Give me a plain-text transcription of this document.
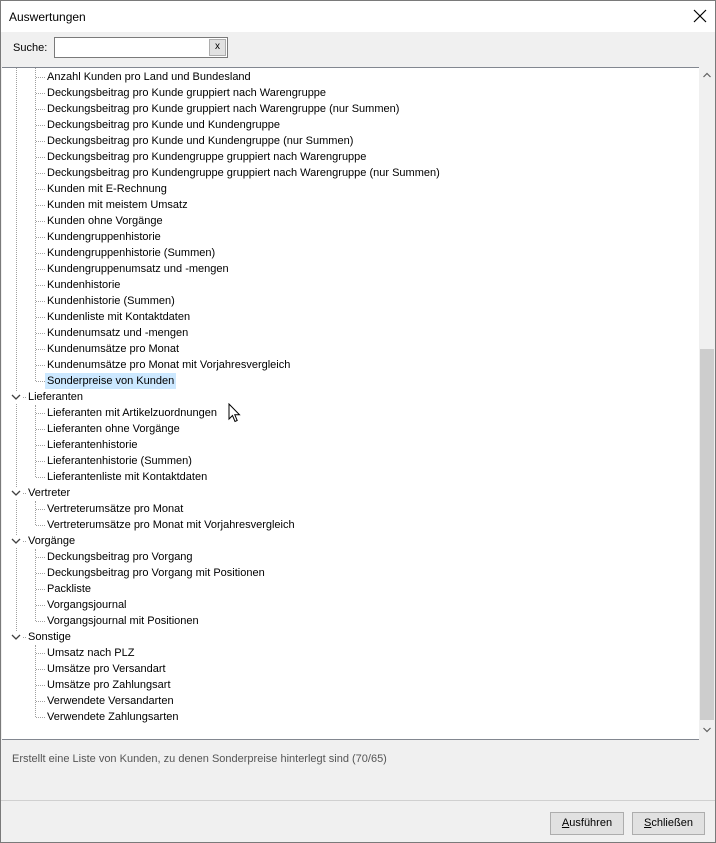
Auswertungen
Suche:	x
Anzahl Kunden pro Land und Bundesland
Deckungsbeitrag pro Kunde gruppiert nach Warengruppe
Deckungsbeitrag pro Kunde gruppiert nach Warengruppe (nur Summen)
Deckungsbeitrag pro Kunde und Kundengruppe
Deckungsbeitrag pro Kunde und Kundengruppe (nur Summen)
Deckungsbeitrag pro Kundengruppe gruppiert nach Warengruppe
Deckungsbeitrag pro Kundengruppe gruppiert nach Warengruppe (nur Summen)
Kunden mit E-Rechnung
Kunden mit meistem Umsatz
Kunden ohne Vorgänge
Kundengruppenhistorie
Kundengruppenhistorie (Summen)
Kundengruppenumsatz und -mengen
Kundenhistorie
Kundenhistorie (Summen)
Kundenliste mit Kontaktdaten
Kundenumsatz und -mengen
Kundenumsätze pro Monat
Kundenumsätze pro Monat mit Vorjahresvergleich
Sonderpreise von Kunden
Lieferanten
Lieferanten mit Artikelzuordnungen
Lieferanten ohne Vorgänge
Lieferantenhistorie
Lieferantenhistorie (Summen)
Lieferantenliste mit Kontaktdaten
Vertreter
Vertreterumsätze pro Monat
Vertreterumsätze pro Monat mit Vorjahresvergleich
Vorgänge
Deckungsbeitrag pro Vorgang
Deckungsbeitrag pro Vorgang mit Positionen
Packliste
Vorgangsjournal
Vorgangsjournal mit Positionen
Sonstige
Umsatz nach PLZ
Umsätze pro Versandart
Umsätze pro Zahlungsart
Verwendete Versandarten
Verwendete Zahlungsarten
Erstellt eine Liste von Kunden, zu denen Sonderpreise hinterlegt sind (70/65)
Ausführen	Schließen
